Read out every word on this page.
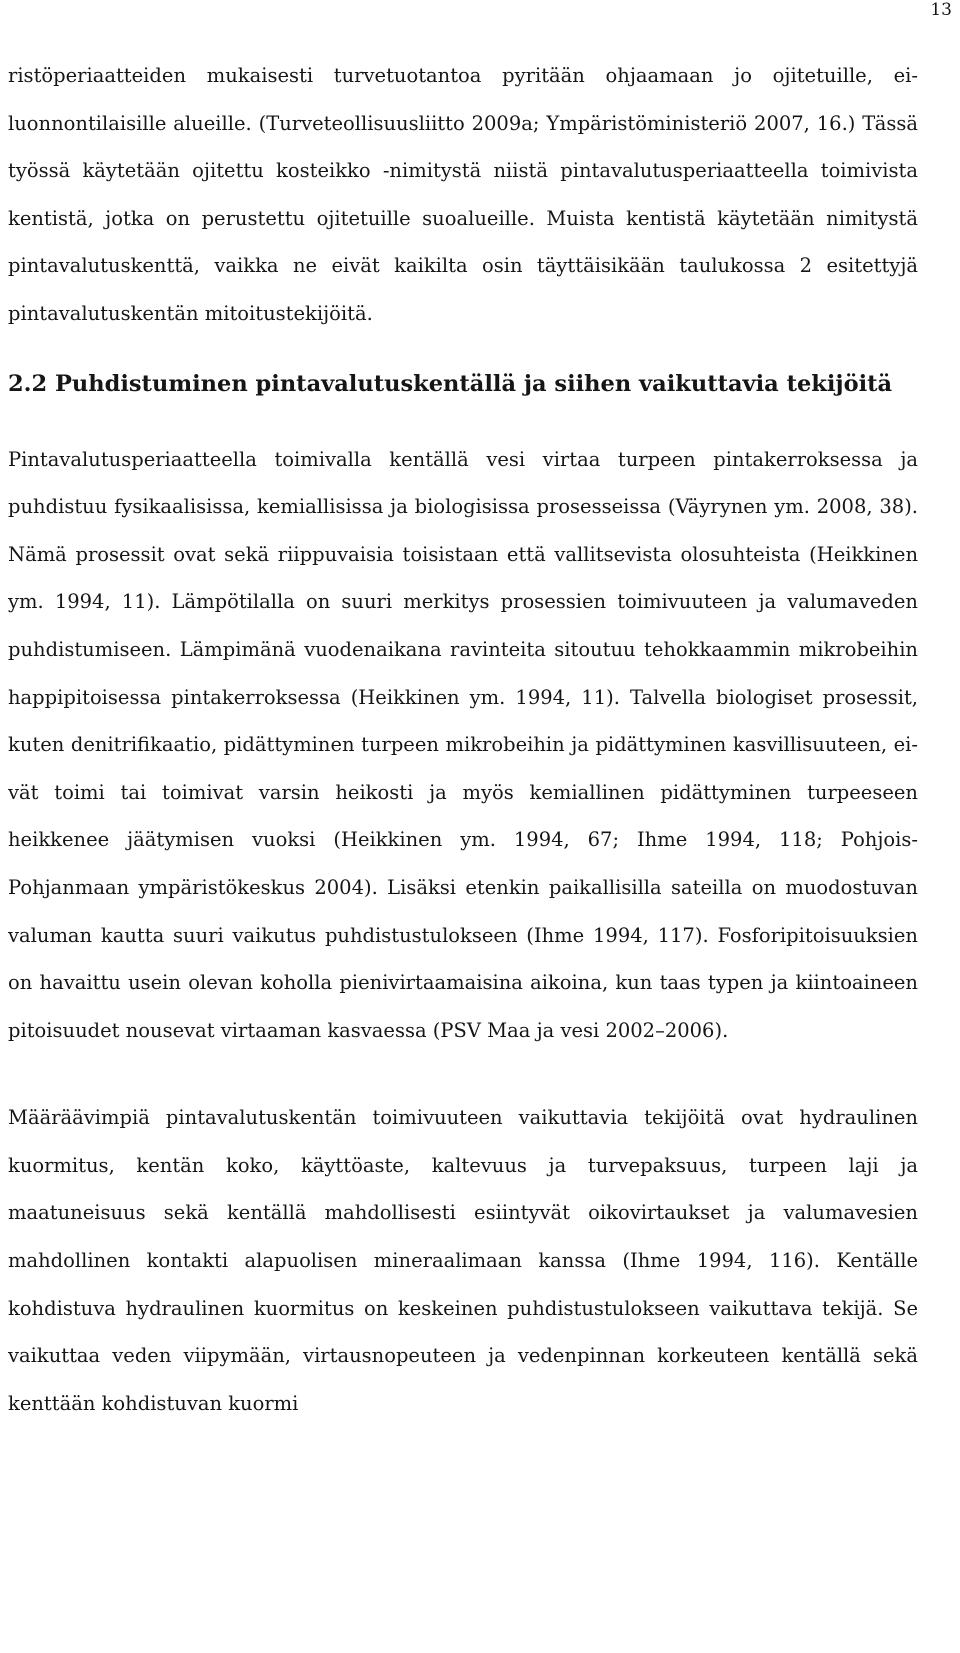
13

ristöperiaatteiden mukaisesti turvetuotantoa pyritään ohjaamaan jo ojitetuille, ei-luonnontilaisille alueille. (Turveteollisuusliitto 2009a; Ympäristöministeriö 2007, 16.) Tässä työssä käytetään ojitettu kosteikko -nimitystä niistä pintavalutusperiaatteella toimivista kentistä, jotka on perustettu ojitetuille suoalueille. Muista kentistä käytetään nimitystä pintavalutuskenttä, vaikka ne eivät kaikilta osin täyttäisikään taulukossa 2 esitettyjä pintavalutuskentän mitoitustekijöitä.

2.2 Puhdistuminen pintavalutuskentällä ja siihen vaikuttavia tekijöitä

Pintavalutusperiaatteella toimivalla kentällä vesi virtaa turpeen pintakerroksessa ja puhdistuu fysikaalisissa, kemiallisissa ja biologisissa prosesseissa (Väyrynen ym. 2008, 38). Nämä prosessit ovat sekä riippuvaisia toisistaan että vallitsevista olosuhteista (Heikkinen ym. 1994, 11). Lämpötilalla on suuri merkitys prosessien toimivuuteen ja valumaveden puhdistumiseen. Lämpimänä vuodenaikana ravinteita sitoutuu tehokkaammin mikrobeihin happipitoisessa pintakerroksessa (Heikkinen ym. 1994, 11). Talvella biologiset prosessit, kuten denitrifikaatio, pidättyminen turpeen mikrobeihin ja pidättyminen kasvillisuuteen, eivät toimi tai toimivat varsin heikosti ja myös kemiallinen pidättyminen turpeeseen heikkenee jäätymisen vuoksi (Heikkinen ym. 1994, 67; Ihme 1994, 118; Pohjois-Pohjanmaan ympäristökeskus 2004). Lisäksi etenkin paikallisilla sateilla on muodostuvan valuman kautta suuri vaikutus puhdistustulokseen (Ihme 1994, 117). Fosforipitoisuuksien on havaittu usein olevan koholla pienivirtaamaisina aikoina, kun taas typen ja kiintoaineen pitoisuudet nousevat virtaaman kasvaessa (PSV Maa ja vesi 2002–2006).

Määräävimpiä pintavalutuskentän toimivuuteen vaikuttavia tekijöitä ovat hydraulinen kuormitus, kentän koko, käyttöaste, kaltevuus ja turvepaksuus, turpeen laji ja maatuneisuus sekä kentällä mahdollisesti esiintyvät oikovirtaukset ja valumavesien mahdollinen kontakti alapuolisen mineraalimaan kanssa (Ihme 1994, 116). Kentälle kohdistuva hydraulinen kuormitus on keskeinen puhdistustulokseen vaikuttava tekijä. Se vaikuttaa veden viipymään, virtausnopeuteen ja vedenpinnan korkeuteen kentällä sekä kenttään kohdistuvan kuormi
